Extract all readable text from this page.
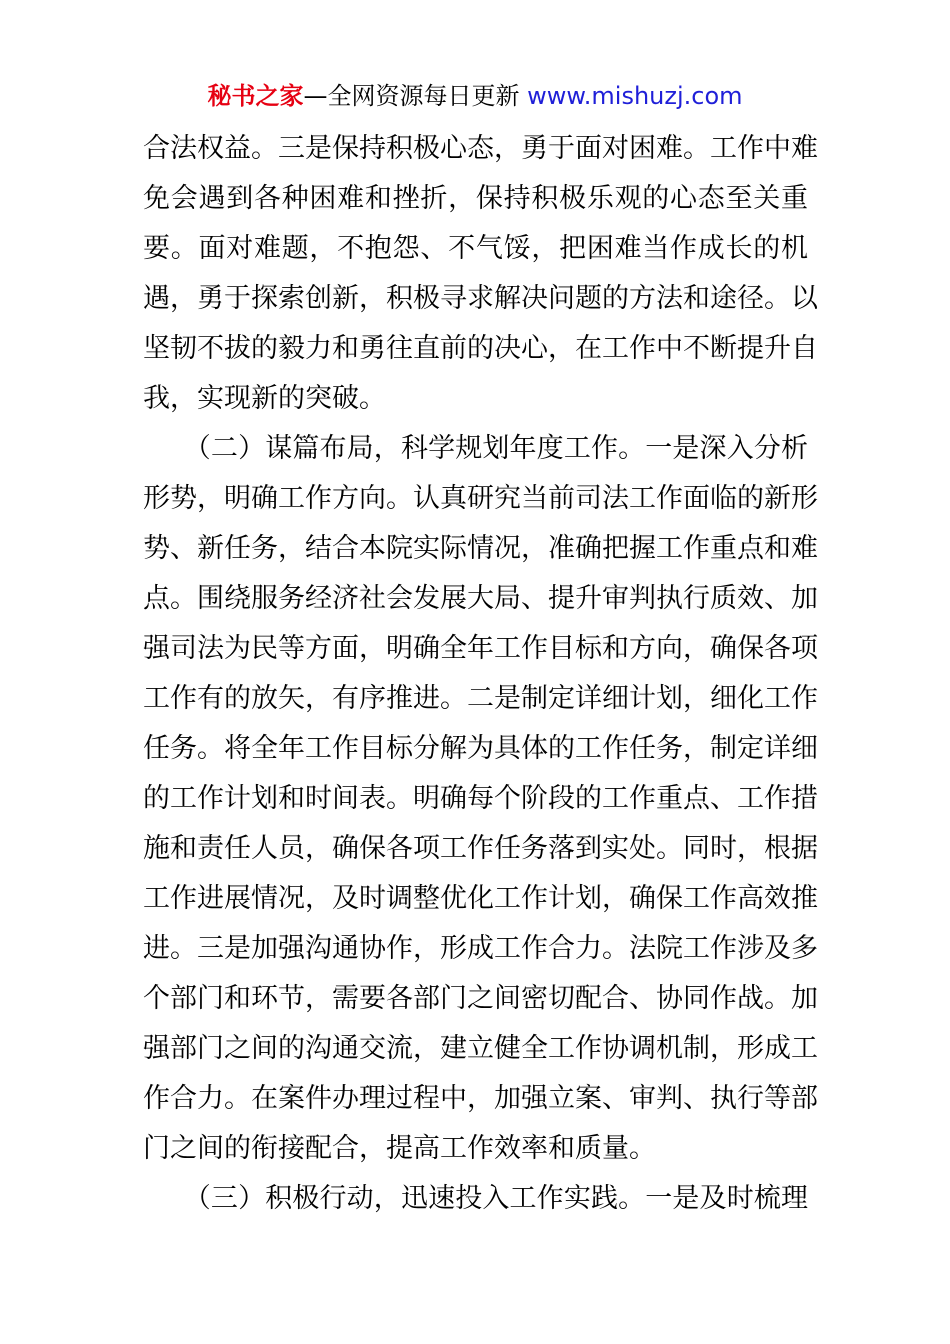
秘书之家—全网资源每日更新 www.mishuzj.com
合法权益。三是保持积极心态，勇于面对困难。工作中难
免会遇到各种困难和挫折，保持积极乐观的心态至关重
要。面对难题，不抱怨、不气馁，把困难当作成长的机
遇，勇于探索创新，积极寻求解决问题的方法和途径。以
坚韧不拔的毅力和勇往直前的决心，在工作中不断提升自
我，实现新的突破。
　　（二）谋篇布局，科学规划年度工作。一是深入分析
形势，明确工作方向。认真研究当前司法工作面临的新形
势、新任务，结合本院实际情况，准确把握工作重点和难
点。围绕服务经济社会发展大局、提升审判执行质效、加
强司法为民等方面，明确全年工作目标和方向，确保各项
工作有的放矢，有序推进。二是制定详细计划，细化工作
任务。将全年工作目标分解为具体的工作任务，制定详细
的工作计划和时间表。明确每个阶段的工作重点、工作措
施和责任人员，确保各项工作任务落到实处。同时，根据
工作进展情况，及时调整优化工作计划，确保工作高效推
进。三是加强沟通协作，形成工作合力。法院工作涉及多
个部门和环节，需要各部门之间密切配合、协同作战。加
强部门之间的沟通交流，建立健全工作协调机制，形成工
作合力。在案件办理过程中，加强立案、审判、执行等部
门之间的衔接配合，提高工作效率和质量。
　　（三）积极行动，迅速投入工作实践。一是及时梳理
